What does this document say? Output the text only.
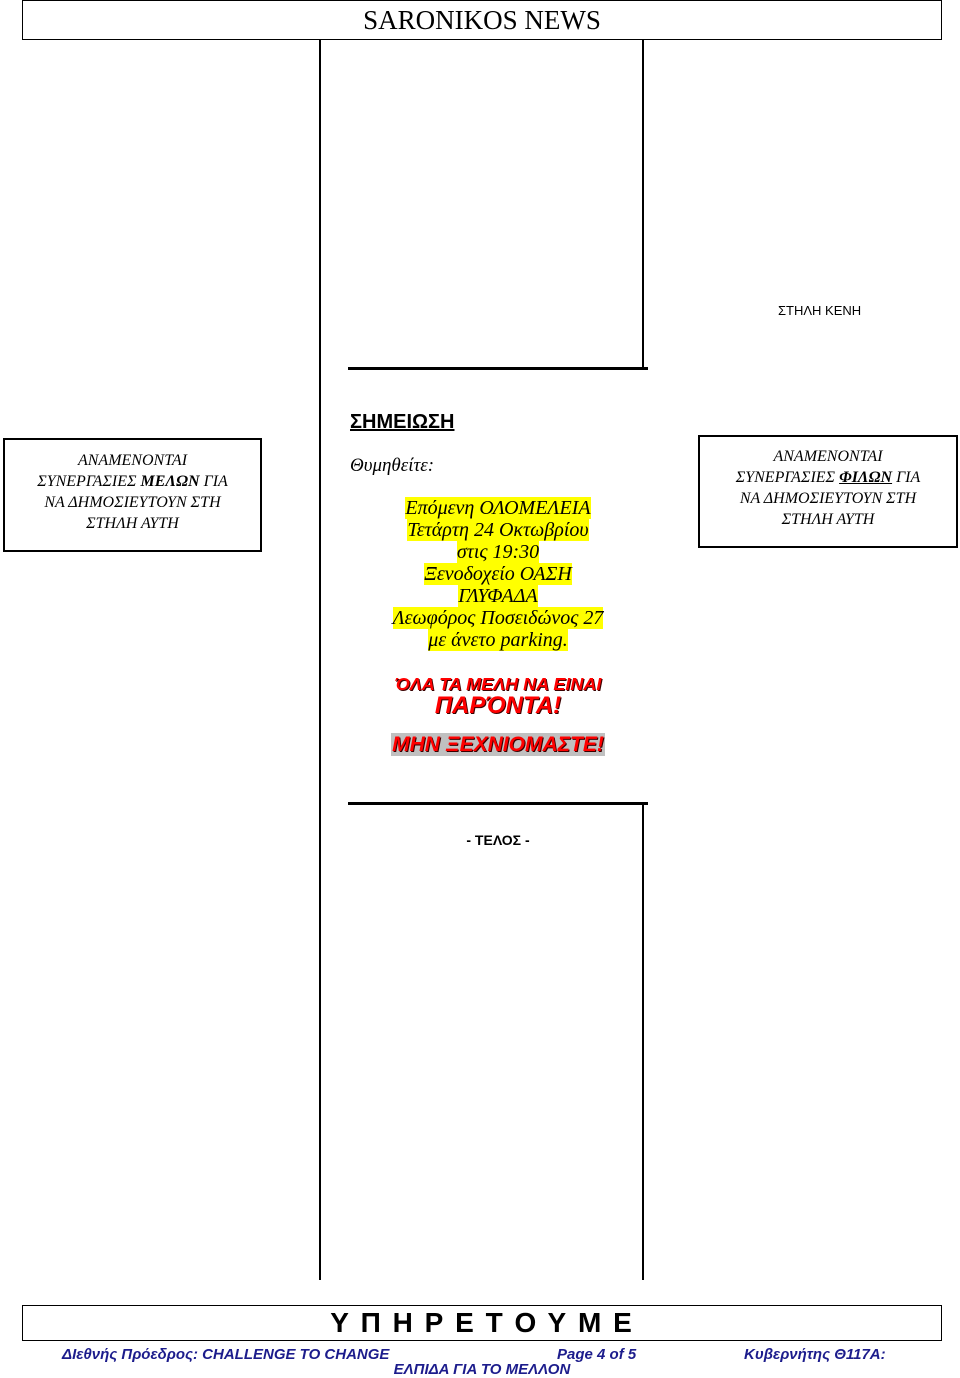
SARONIKOS NEWS
ΣΤΗΛΗ ΚΕΝΗ
ΑΝΑΜΕΝΟΝΤΑΙ
ΣΥΝΕΡΓΑΣΙΕΣ ΜΕΛΩΝ ΓΙΑ
ΝΑ ΔΗΜΟΣΙΕΥΤΟΥΝ ΣΤΗ
ΣΤΗΛΗ ΑΥΤΗ
ΑΝΑΜΕΝΟΝΤΑΙ
ΣΥΝΕΡΓΑΣΙΕΣ ΦΙΛΩΝ ΓΙΑ
ΝΑ ΔΗΜΟΣΙΕΥΤΟΥΝ ΣΤΗ
ΣΤΗΛΗ ΑΥΤΗ
ΣΗΜΕΙΩΣΗ
Θυμηθείτε:
Επόμενη ΟΛΟΜΕΛΕΙΑ
Τετάρτη 24 Οκτωβρίου
στις 19:30
Ξενοδοχείο ΟΑΣΗ
ΓΛΥΦΑΔΑ
Λεωφόρος Ποσειδώνος 27
με άνετο parking.
ΌΛΑ ΤΑ ΜΕΛΗ ΝΑ ΕΙΝΑΙ
ΠΑΡΌΝΤΑ!
ΜΗΝ ΞΕΧΝΙΟΜΑΣΤΕ!
- ΤΕΛΟΣ -
Υ Π Η Ρ Ε Τ Ο Υ Μ Ε
ΔΙεθνής Πρόεδρος: CHALLENGE TO CHANGE	Page 4 of 5	Κυβερνήτης Θ117Α:
ΕΛΠΙΔΑ ΓΙΑ ΤΟ ΜΕΛΛΟΝ
